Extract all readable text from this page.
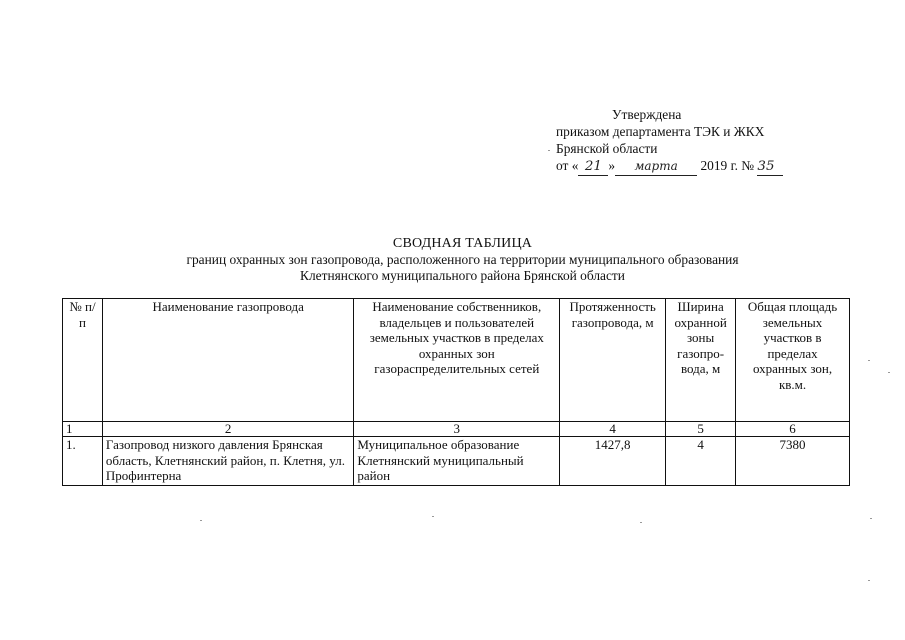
Утверждена
приказом департамента ТЭК и ЖКХ
Брянской области
от « 21 » марта 2019 г. № 35
СВОДНАЯ ТАБЛИЦА
границ охранных зон газопровода, расположенного на территории муниципального образования
Клетнянского муниципального района Брянской области
№ п/п	Наименование газопровода	Наименование собственников, владельцев и пользователей земельных участков в пределах охранных зон газораспределительных сетей	Протяженность газопровода, м	Ширина охранной зоны газопро-вода, м	Общая площадь земельных участков в пределах охранных зон, кв.м.
1	2	3	4	5	6
1.	Газопровод низкого давления Брянская область, Клетнянский район, п. Клетня, ул. Профинтерна	Муниципальное образование Клетнянский муниципальный район	1427,8	4	7380
